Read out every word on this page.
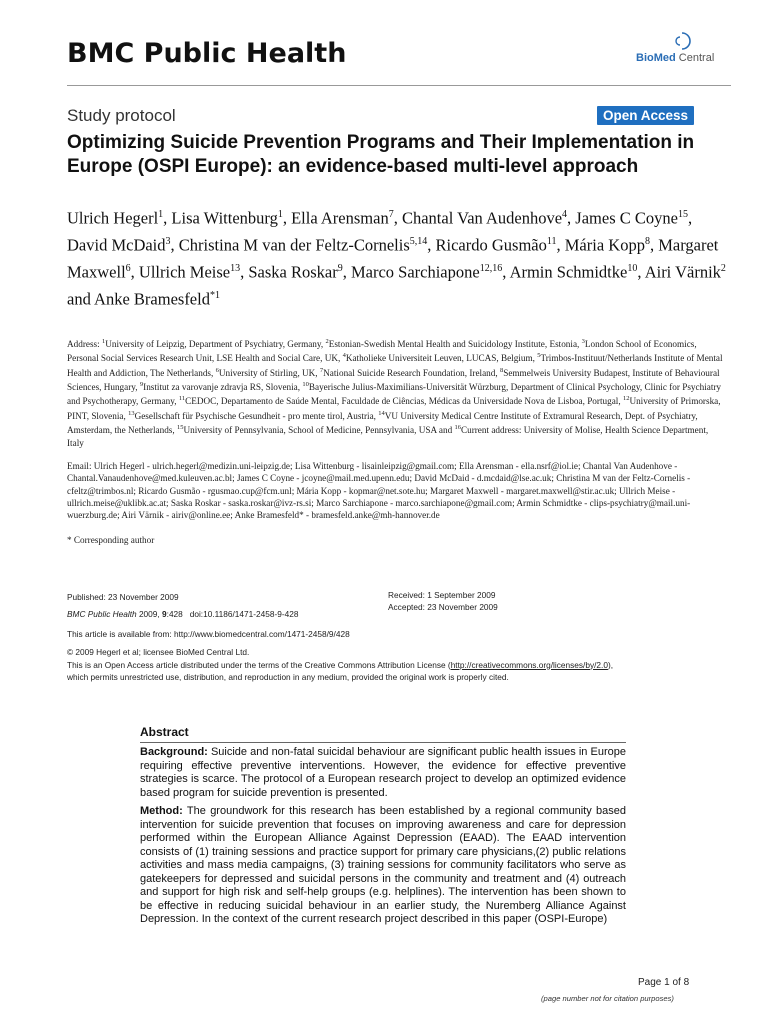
BMC Public Health	BioMed Central
Study protocol	Open Access
Optimizing Suicide Prevention Programs and Their Implementation in Europe (OSPI Europe): an evidence-based multi-level approach

Ulrich Hegerl$^1$, Lisa Wittenburg$^1$, Ella Arensman$^7$, Chantal Van Audenhove$^4$, James C Coyne$^{15}$, David McDaid$^3$, Christina M van der Feltz-Cornelis$^{5,14}$, Ricardo Gusmão$^{11}$, Mária Kopp$^8$, Margaret Maxwell$^6$, Ullrich Meise$^{13}$, Saska Roskar$^9$, Marco Sarchiapone$^{12,16}$, Armin Schmidtke$^{10}$, Airi Värnik$^2$ and Anke Bramesfeld$^{*1}$

Address: $^1$University of Leipzig, Department of Psychiatry, Germany, $^2$Estonian-Swedish Mental Health and Suicidology Institute, Estonia, $^3$London School of Economics, Personal Social Services Research Unit, LSE Health and Social Care, UK, $^4$Katholieke Universiteit Leuven, LUCAS, Belgium, $^5$Trimbos-Instituut/Netherlands Institute of Mental Health and Addiction, The Netherlands, $^6$University of Stirling, UK, $^7$National Suicide Research Foundation, Ireland, $^8$Semmelweis University Budapest, Institute of Behavioural Sciences, Hungary, $^9$Institut za varovanje zdravja RS, Slovenia, $^{10}$Bayerische Julius-Maximilians-Universität Würzburg, Department of Clinical Psychology, Clinic for Psychiatry and Psychotherapy, Germany, $^{11}$CEDOC, Departamento de Saúde Mental, Faculdade de Ciências, Médicas da Universidade Nova de Lisboa, Portugal, $^{12}$University of Primorska, PINT, Slovenia, $^{13}$Gesellschaft für Psychische Gesundheit - pro mente tirol, Austria, $^{14}$VU University Medical Centre Institute of Extramural Research, Dept. of Psychiatry, Amsterdam, the Netherlands, $^{15}$University of Pennsylvania, School of Medicine, Pennsylvania, USA and $^{16}$Current address: University of Molise, Health Science Department, Italy

Email: Ulrich Hegerl - ulrich.hegerl@medizin.uni-leipzig.de; Lisa Wittenburg - lisainleipzig@gmail.com; Ella Arensman - ella.nsrf@iol.ie; Chantal Van Audenhove - Chantal.Vanaudenhove@med.kuleuven.ac.bl; James C Coyne - jcoyne@mail.med.upenn.edu; David McDaid - d.mcdaid@lse.ac.uk; Christina M van der Feltz-Cornelis - cfeltz@trimbos.nl; Ricardo Gusmão - rgusmao.cup@fcm.unl; Mária Kopp - kopmar@net.sote.hu; Margaret Maxwell - margaret.maxwell@stir.ac.uk; Ullrich Meise - ullrich.meise@uklibk.ac.at; Saska Roskar - saska.roskar@ivz-rs.si; Marco Sarchiapone - marco.sarchiapone@gmail.com; Armin Schmidtke - clips-psychiatry@mail.uni-wuerzburg.de; Airi Värnik - airiv@online.ee; Anke Bramesfeld* - bramesfeld.anke@mh-hannover.de

* Corresponding author

Published: 23 November 2009
BMC Public Health 2009, 9:428 doi:10.1186/1471-2458-9-428
Received: 1 September 2009
Accepted: 23 November 2009
This article is available from: http://www.biomedcentral.com/1471-2458/9/428
© 2009 Hegerl et al; licensee BioMed Central Ltd.
This is an Open Access article distributed under the terms of the Creative Commons Attribution License (http://creativecommons.org/licenses/by/2.0),
which permits unrestricted use, distribution, and reproduction in any medium, provided the original work is properly cited.
Abstract

Background: Suicide and non-fatal suicidal behaviour are significant public health issues in Europe requiring effective preventive interventions. However, the evidence for effective preventive strategies is scarce. The protocol of a European research project to develop an optimized evidence based program for suicide prevention is presented.

Method: The groundwork for this research has been established by a regional community based intervention for suicide prevention that focuses on improving awareness and care for depression performed within the European Alliance Against Depression (EAAD). The EAAD intervention consists of (1) training sessions and practice support for primary care physicians,(2) public relations activities and mass media campaigns, (3) training sessions for community facilitators who serve as gatekeepers for depressed and suicidal persons in the community and treatment and (4) outreach and support for high risk and self-help groups (e.g. helplines). The intervention has been shown to be effective in reducing suicidal behaviour in an earlier study, the Nuremberg Alliance Against Depression. In the context of the current research project described in this paper (OSPI-Europe)

Page 1 of 8
(page number not for citation purposes)
